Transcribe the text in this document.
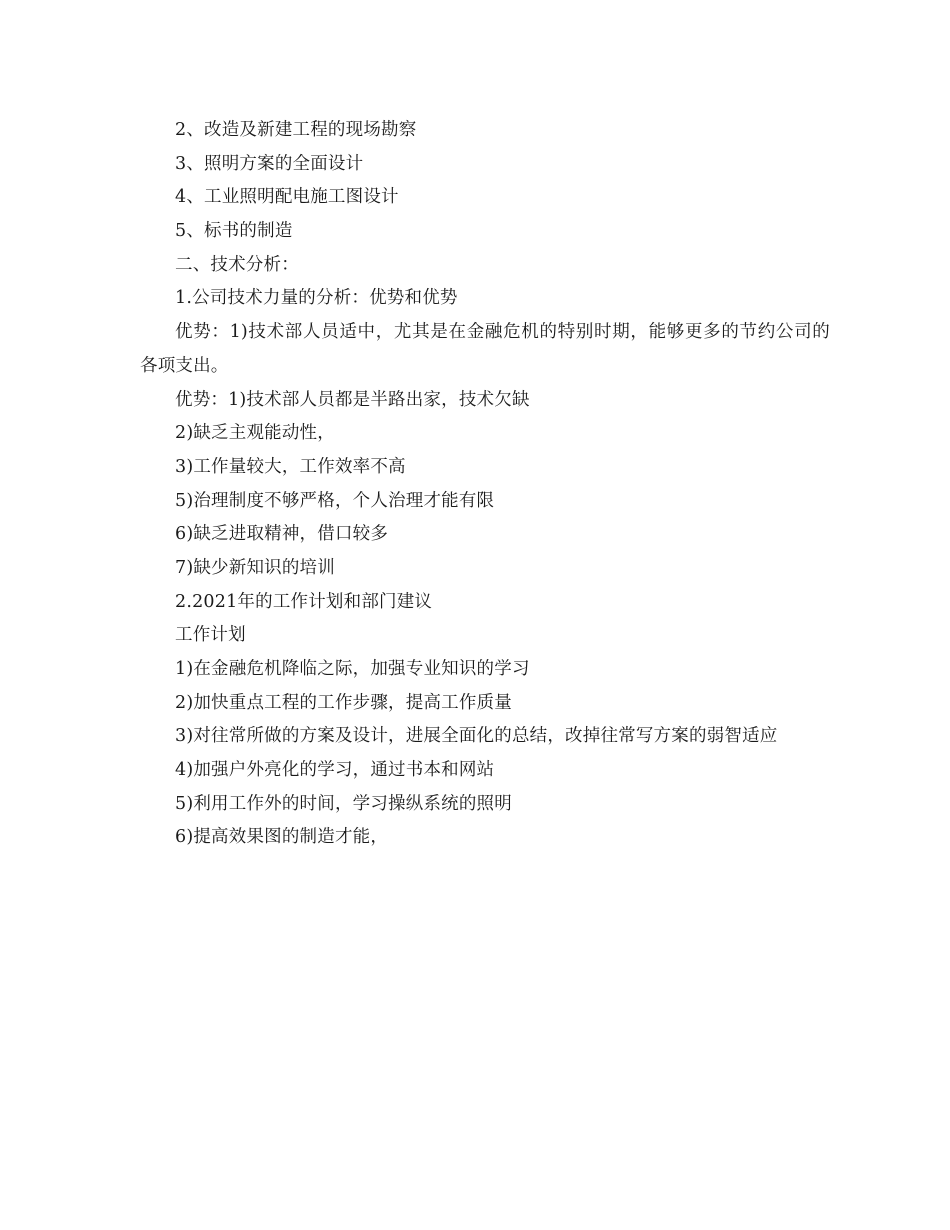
2、改造及新建工程的现场勘察
3、照明方案的全面设计
4、工业照明配电施工图设计
5、标书的制造
二、技术分析：
1.公司技术力量的分析：优势和优势
优势：1)技术部人员适中，尤其是在金融危机的特别时期，能够更多的节约公司的各项支出。
优势：1)技术部人员都是半路出家，技术欠缺
2)缺乏主观能动性，
3)工作量较大，工作效率不高
5)治理制度不够严格，个人治理才能有限
6)缺乏进取精神，借口较多
7)缺少新知识的培训
2.2021年的工作计划和部门建议
工作计划
1)在金融危机降临之际，加强专业知识的学习
2)加快重点工程的工作步骤，提高工作质量
3)对往常所做的方案及设计，进展全面化的总结，改掉往常写方案的弱智适应
4)加强户外亮化的学习，通过书本和网站
5)利用工作外的时间，学习操纵系统的照明
6)提高效果图的制造才能，
